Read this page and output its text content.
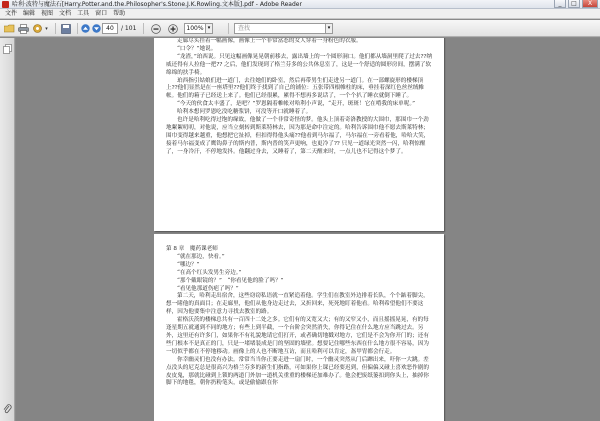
哈利·波特与魔法石[Harry.Potter.and.the.Philosopher's.Stone.J.K.Rowling.文本版].pdf - Adobe Reader	_	□	X
文件	编辑	视图	文档	工具	窗口	帮助
▾	40	/ 101	100% ▾	查找	▾

走廊尽头挂着一幅画像，画像上一个非常富态的女人穿着一身粉色的衣服。

“口令？”她说。

“龙渣，”珀西说。只见这幅画像晃晃朝前移去，露出墙上的一个圆形洞口。他们都从墙洞里爬了过去??纳威还得有人拉他一把?? 之后，他们发现到了格兰芬多的公共休息室了，这是一个舒适的圆形房间，摆满了软绵绵的扶手椅。

珀西指引姑娘们进一道门，去往她们的卧室，然后再带男生们走进另一道门。在一部螺旋形的楼梯顶上??他们显然是在一座塔里??他们终于找到了自己的铺位：五张带四根帷柱的床，垂挂着深红色丝丝绒帷帐。他们的箱子已经送上来了。他们已经很累，累得不想再多说话了，一个个扒了睡衣就倒下睡了。

“今天的伙食太丰盛了，是吧？”罗恩隔着帷帐对哈利小声说，“走开，斑斑！它在啃我的床单呢。”

哈利本想问罗恩吃没吃糖浆饼，可没等开口就睡着了。

也许是哈利吃得过饱的缘故，他做了一个非常奇怪的梦。他头上顶着奇洛教授的大围巾，那围巾一个劲地絮絮叨叨，对他说，应当立刻转到斯莱特林去，因为那是命中注定的。哈利告诉围巾他不愿去斯莱特林；围巾变得越来越重，他想把它扯掉，但扣得得他头痛??他看到马尔福了，马尔福在一旁看着他，哈哈大笑，接着马尔福变成了鹰钩鼻子的斯内普，斯内普的笑声更响，也更冷了?? 只见一道绿光突然一闪，哈利惊醒了，一身冷汗，不停地发抖。他翻过身去，又睡着了，第二天醒来时，一点儿也不记得这个梦了。

第 8 章　魔药课老师

“就在那边，快看。”

“哪边？”

“在高个红头发男生旁边。”

“那个戴眼镜的？”　“你看见他的脸了吗？”

“看见他那道伤疤了吗？”

第二天，哈利走出宿舍，这些窃窃私语就一直紧追着他。学生们在教室外边排着长队，个个踮着脚尖，想一睹他的真面目；在走廊里，他们从他身边走过去，又折回来，死死地盯着他看。哈利希望他们不要这样，因为他要集中注意力寻找去教室的路。

霍格沃茨的楼梯总共有一百四十二处之多。它们有的又宽又大；有的又窄又小，而且摇摇晃晃，有的每逢星期五就通到不同的地方；有些上到半截，一个台阶会突然消失，你得记住在什么地方应当跳过去。另外，这里还有许多门，如果你不有礼貌地请它们打开，或者确切地戳对地方，它们是不会为你开门的；还有些门根本不是真正的门，只是一堵堵装成是门的坚固的墙壁。想要记住哪些东西在什么地方很不容易，因为一切似乎都在不停地移动。画像上的人也不断地互访，而且哈利可以肯定，盔甲胄都会行走。

你幸幽灵们也没有办法。常常当当你正要走进一扇门时，一个幽灵突然从门后蹿出来，吓你一大跳。差点没头的尼克总是很高兴为格兰芬多的新生们指路，可如果你上课已经要迟到，但偏偏又碰上喜欢恶作剧的皮皮鬼，那就比碰到上锁的两道门外加一道机关重重的楼梯还加难办了。他会把废纸篓扣到你头上，抽掉你脚下的地毯，朝你扔粉笔头，或是偷偷跟在你
